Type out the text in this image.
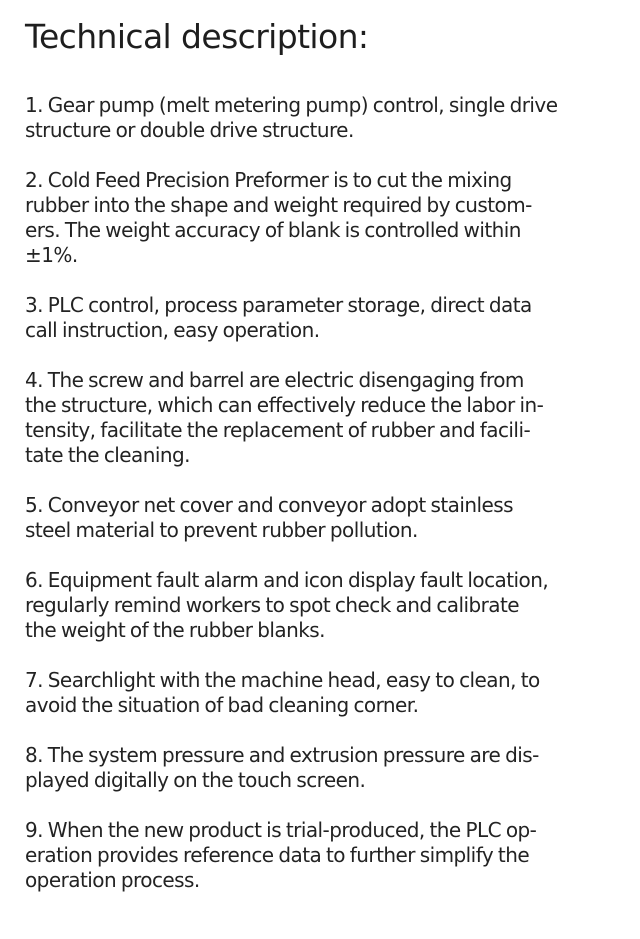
Technical description:
1. Gear pump (melt metering pump) control, single drive
structure or double drive structure.
2. Cold Feed Precision Preformer is to cut the mixing
rubber into the shape and weight required by custom-
ers. The weight accuracy of blank is controlled within
±1%.
3. PLC control, process parameter storage, direct data
call instruction, easy operation.
4. The screw and barrel are electric disengaging from
the structure, which can effectively reduce the labor in-
tensity, facilitate the replacement of rubber and facili-
tate the cleaning.
5. Conveyor net cover and conveyor adopt stainless
steel material to prevent rubber pollution.
6. Equipment fault alarm and icon display fault location,
regularly remind workers to spot check and calibrate
the weight of the rubber blanks.
7. Searchlight with the machine head, easy to clean, to
avoid the situation of bad cleaning corner.
8. The system pressure and extrusion pressure are dis-
played digitally on the touch screen.
9. When the new product is trial-produced, the PLC op-
eration provides reference data to further simplify the
operation process.
